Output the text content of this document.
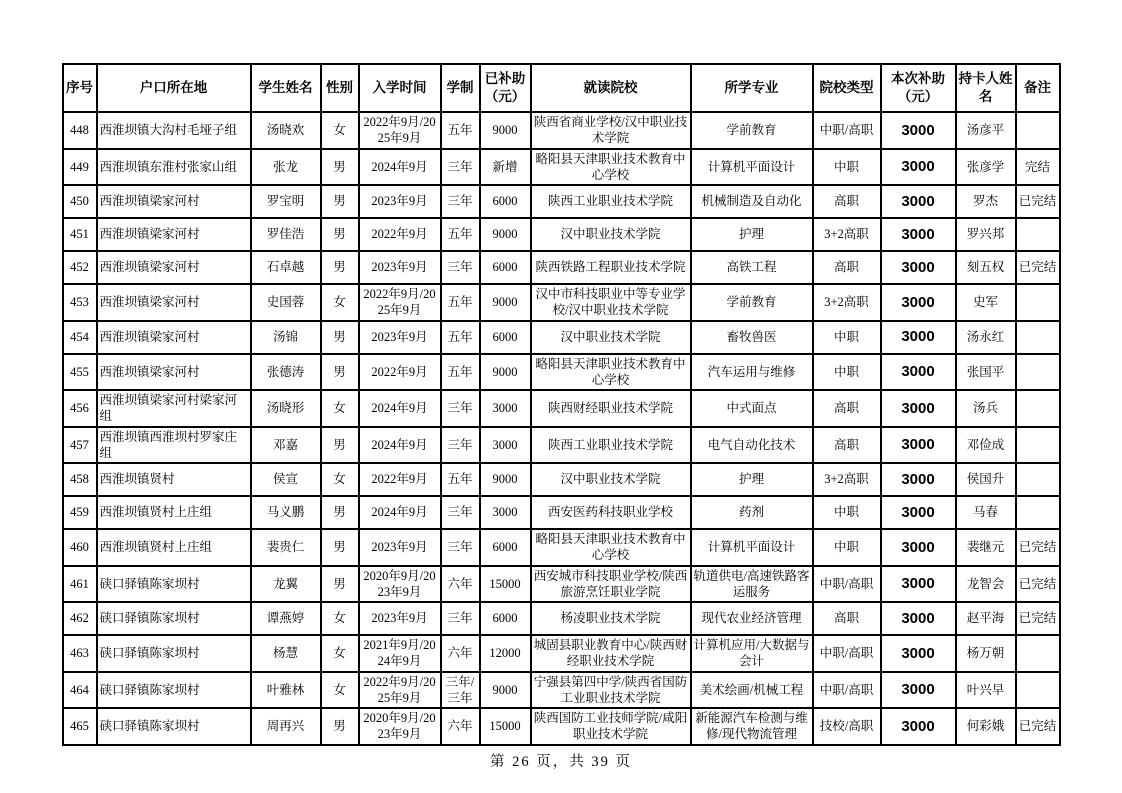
序号	户口所在地	学生姓名	性别	入学时间	学制	已补助（元）	就读院校	所学专业	院校类型	本次补助（元）	持卡人姓名	备注
448	西淮坝镇大沟村毛垭子组	汤晓欢	女	2022年9月/2025年9月	五年	9000	陕西省商业学校/汉中职业技术学院	学前教育	中职/高职	3000	汤彦平	
449	西淮坝镇东淮村张家山组	张龙	男	2024年9月	三年	新增	略阳县天津职业技术教育中心学校	计算机平面设计	中职	3000	张彦学	完结
450	西淮坝镇梁家河村	罗宝明	男	2023年9月	三年	6000	陕西工业职业技术学院	机械制造及自动化	高职	3000	罗杰	已完结
451	西淮坝镇梁家河村	罗佳浩	男	2022年9月	五年	9000	汉中职业技术学院	护理	3+2高职	3000	罗兴邦	
452	西淮坝镇梁家河村	石卓越	男	2023年9月	三年	6000	陕西铁路工程职业技术学院	高铁工程	高职	3000	刻五权	已完结
453	西淮坝镇梁家河村	史国蓉	女	2022年9月/2025年9月	五年	9000	汉中市科技职业中等专业学校/汉中职业技术学院	学前教育	3+2高职	3000	史军	
454	西淮坝镇梁家河村	汤锦	男	2023年9月	五年	6000	汉中职业技术学院	畜牧兽医	中职	3000	汤永红	
455	西淮坝镇梁家河村	张德涛	男	2022年9月	五年	9000	略阳县天津职业技术教育中心学校	汽车运用与维修	中职	3000	张国平	
456	西淮坝镇梁家河村梁家河组	汤晓形	女	2024年9月	三年	3000	陕西财经职业技术学院	中式面点	高职	3000	汤兵	
457	西淮坝镇西淮坝村罗家庄组	邓嘉	男	2024年9月	三年	3000	陕西工业职业技术学院	电气自动化技术	高职	3000	邓俭成	
458	西淮坝镇贤村	侯宣	女	2022年9月	五年	9000	汉中职业技术学院	护理	3+2高职	3000	侯国升	
459	西淮坝镇贤村上庄组	马义鹏	男	2024年9月	三年	3000	西安医药科技职业学校	药剂	中职	3000	马春	
460	西淮坝镇贤村上庄组	裴贵仁	男	2023年9月	三年	6000	略阳县天津职业技术教育中心学校	计算机平面设计	中职	3000	裴继元	已完结
461	硖口驿镇陈家坝村	龙翼	男	2020年9月/2023年9月	六年	15000	西安城市科技职业学校/陕西旅游烹饪职业学院	轨道供电/高速铁路客运服务	中职/高职	3000	龙智会	已完结
462	硖口驿镇陈家坝村	谭燕婷	女	2023年9月	三年	6000	杨凌职业技术学院	现代农业经济管理	高职	3000	赵平海	已完结
463	硖口驿镇陈家坝村	杨慧	女	2021年9月/2024年9月	六年	12000	城固县职业教育中心/陕西财经职业技术学院	计算机应用/大数据与会计	中职/高职	3000	杨万朝	
464	硖口驿镇陈家坝村	叶雅林	女	2022年9月/2025年9月	三年/三年	9000	宁强县第四中学/陕西省国防工业职业技术学院	美术绘画/机械工程	中职/高职	3000	叶兴早	
465	硖口驿镇陈家坝村	周再兴	男	2020年9月/2023年9月	六年	15000	陕西国防工业技师学院/咸阳职业技术学院	新能源汽车检测与维修/现代物流管理	技校/高职	3000	何彩娥	已完结
第 26 页，共 39 页
